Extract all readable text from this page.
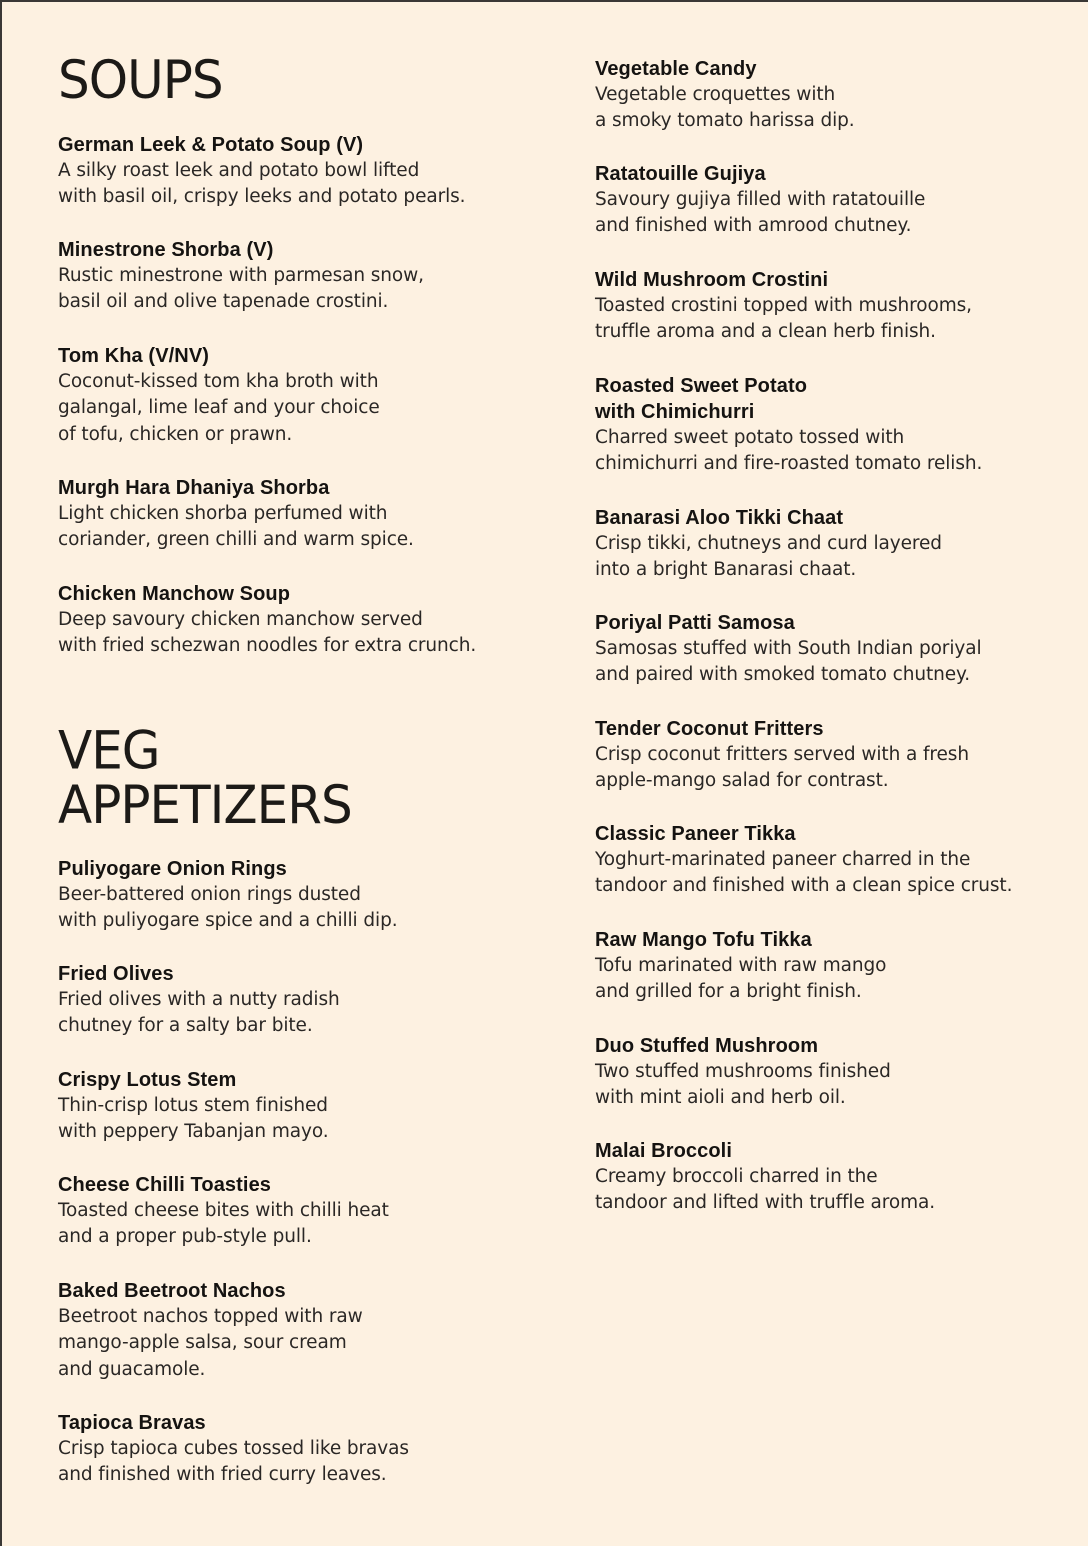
SOUPS
German Leek & Potato Soup (V)
A silky roast leek and potato bowl lifted
with basil oil, crispy leeks and potato pearls.
Minestrone Shorba (V)
Rustic minestrone with parmesan snow,
basil oil and olive tapenade crostini.
Tom Kha (V/NV)
Coconut-kissed tom kha broth with
galangal, lime leaf and your choice
of tofu, chicken or prawn.
Murgh Hara Dhaniya Shorba
Light chicken shorba perfumed with
coriander, green chilli and warm spice.
Chicken Manchow Soup
Deep savoury chicken manchow served
with fried schezwan noodles for extra crunch.
VEG
APPETIZERS
Puliyogare Onion Rings
Beer-battered onion rings dusted
with puliyogare spice and a chilli dip.
Fried Olives
Fried olives with a nutty radish
chutney for a salty bar bite.
Crispy Lotus Stem
Thin-crisp lotus stem finished
with peppery Tabanjan mayo.
Cheese Chilli Toasties
Toasted cheese bites with chilli heat
and a proper pub-style pull.
Baked Beetroot Nachos
Beetroot nachos topped with raw
mango-apple salsa, sour cream
and guacamole.
Tapioca Bravas
Crisp tapioca cubes tossed like bravas
and finished with fried curry leaves.
Vegetable Candy
Vegetable croquettes with
a smoky tomato harissa dip.
Ratatouille Gujiya
Savoury gujiya filled with ratatouille
and finished with amrood chutney.
Wild Mushroom Crostini
Toasted crostini topped with mushrooms,
truffle aroma and a clean herb finish.
Roasted Sweet Potato
with Chimichurri
Charred sweet potato tossed with
chimichurri and fire-roasted tomato relish.
Banarasi Aloo Tikki Chaat
Crisp tikki, chutneys and curd layered
into a bright Banarasi chaat.
Poriyal Patti Samosa
Samosas stuffed with South Indian poriyal
and paired with smoked tomato chutney.
Tender Coconut Fritters
Crisp coconut fritters served with a fresh
apple-mango salad for contrast.
Classic Paneer Tikka
Yoghurt-marinated paneer charred in the
tandoor and finished with a clean spice crust.
Raw Mango Tofu Tikka
Tofu marinated with raw mango
and grilled for a bright finish.
Duo Stuffed Mushroom
Two stuffed mushrooms finished
with mint aioli and herb oil.
Malai Broccoli
Creamy broccoli charred in the
tandoor and lifted with truffle aroma.
